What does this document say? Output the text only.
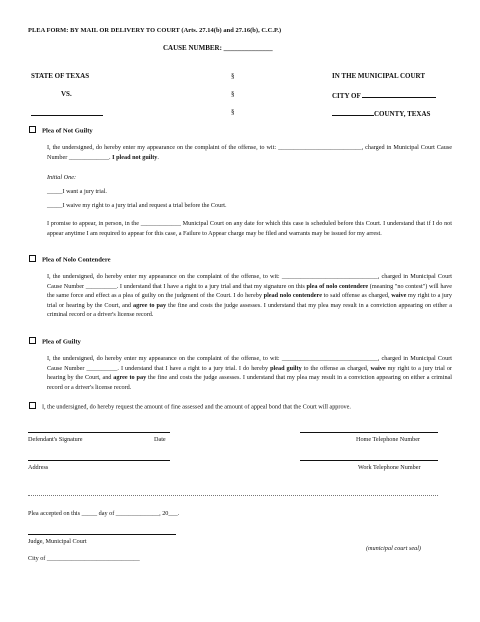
PLEA FORM: BY MAIL OR DELIVERY TO COURT (Arts. 27.14(b) and 27.16(b), C.C.P.)
CAUSE NUMBER: ______________
STATE OF TEXAS
VS.
§
§
§
IN THE MUNICIPAL COURT
CITY OF
COUNTY, TEXAS
Plea of Not Guilty
I, the undersigned, do hereby enter my appearance on the complaint of the offense, to wit: ___________________________, charged in Municipal Court Cause Number _____________. I plead not guilty.
Initial One:
_____I want a jury trial.
_____I waive my right to a jury trial and request a trial before the Court.
I promise to appear, in person, in the _____________ Municipal Court on any date for which this case is scheduled before this Court. I understand that if I do not appear anytime I am required to appear for this case, a Failure to Appear charge may be filed and warrants may be issued for my arrest.
Plea of Nolo Contendere
I, the undersigned, do hereby enter my appearance on the complaint of the offense, to wit: _______________________________, charged in Municipal Court Cause Number __________. I understand that I have a right to a jury trial and that my signature on this plea of nolo contendere (meaning "no contest") will have the same force and effect as a plea of guilty on the judgment of the Court. I do hereby plead nolo contendere to said offense as charged, waive my right to a jury trial or hearing by the Court, and agree to pay the fine and costs the judge assesses. I understand that my plea may result in a conviction appearing on either a criminal record or a driver's license record.
Plea of Guilty
I, the undersigned, do hereby enter my appearance on the complaint of the offense, to wit: _______________________________, charged in Municipal Court Cause Number __________. I understand that I have a right to a jury trial. I do hereby plead guilty to the offense as charged, waive my right to a jury trial or hearing by the Court, and agree to pay the fine and costs the judge assesses. I understand that my plea may result in a conviction appearing on either a criminal record or a driver's license record.
I, the undersigned, do hereby request the amount of fine assessed and the amount of appeal bond that the Court will approve.
Defendant's Signature	Date	Home Telephone Number
Address	Work Telephone Number
Plea accepted on this _____ day of ______________, 20___.
Judge, Municipal Court
(municipal court seal)
City of ______________________________
